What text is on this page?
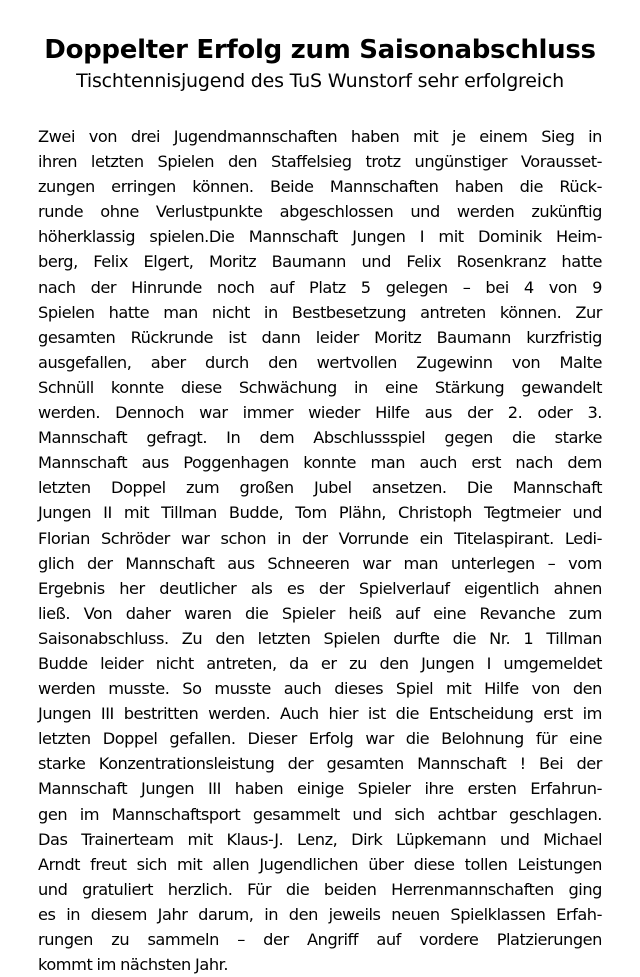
Doppelter Erfolg zum Saisonabschluss
Tischtennisjugend des TuS Wunstorf sehr erfolgreich
Zwei von drei Jugendmannschaften haben mit je einem Sieg in
ihren letzten Spielen den Staffelsieg trotz ungünstiger Vorausset-
zungen erringen können. Beide Mannschaften haben die Rück-
runde ohne Verlustpunkte abgeschlossen und werden zukünftig
höherklassig spielen.Die Mannschaft Jungen I mit Dominik Heim-
berg, Felix Elgert, Moritz Baumann und Felix Rosenkranz hatte
nach der Hinrunde noch auf Platz 5 gelegen – bei 4 von 9
Spielen hatte man nicht in Bestbesetzung antreten können. Zur
gesamten Rückrunde ist dann leider Moritz Baumann kurzfristig
ausgefallen, aber durch den wertvollen Zugewinn von Malte
Schnüll konnte diese Schwächung in eine Stärkung gewandelt
werden. Dennoch war immer wieder Hilfe aus der 2. oder 3.
Mannschaft gefragt. In dem Abschlussspiel gegen die starke
Mannschaft aus Poggenhagen konnte man auch erst nach dem
letzten Doppel zum großen Jubel ansetzen. Die Mannschaft
Jungen II mit Tillman Budde, Tom Plähn, Christoph Tegtmeier und
Florian Schröder war schon in der Vorrunde ein Titelaspirant. Ledi-
glich der Mannschaft aus Schneeren war man unterlegen – vom
Ergebnis her deutlicher als es der Spielverlauf eigentlich ahnen
ließ. Von daher waren die Spieler heiß auf eine Revanche zum
Saisonabschluss. Zu den letzten Spielen durfte die Nr. 1 Tillman
Budde leider nicht antreten, da er zu den Jungen I umgemeldet
werden musste. So musste auch dieses Spiel mit Hilfe von den
Jungen III bestritten werden. Auch hier ist die Entscheidung erst im
letzten Doppel gefallen. Dieser Erfolg war die Belohnung für eine
starke Konzentrationsleistung der gesamten Mannschaft ! Bei der
Mannschaft Jungen III haben einige Spieler ihre ersten Erfahrun-
gen im Mannschaftsport gesammelt und sich achtbar geschlagen.
Das Trainerteam mit Klaus-J. Lenz, Dirk Lüpkemann und Michael
Arndt freut sich mit allen Jugendlichen über diese tollen Leistungen
und gratuliert herzlich. Für die beiden Herrenmannschaften ging
es in diesem Jahr darum, in den jeweils neuen Spielklassen Erfah-
rungen zu sammeln – der Angriff auf vordere Platzierungen
kommt im nächsten Jahr.
